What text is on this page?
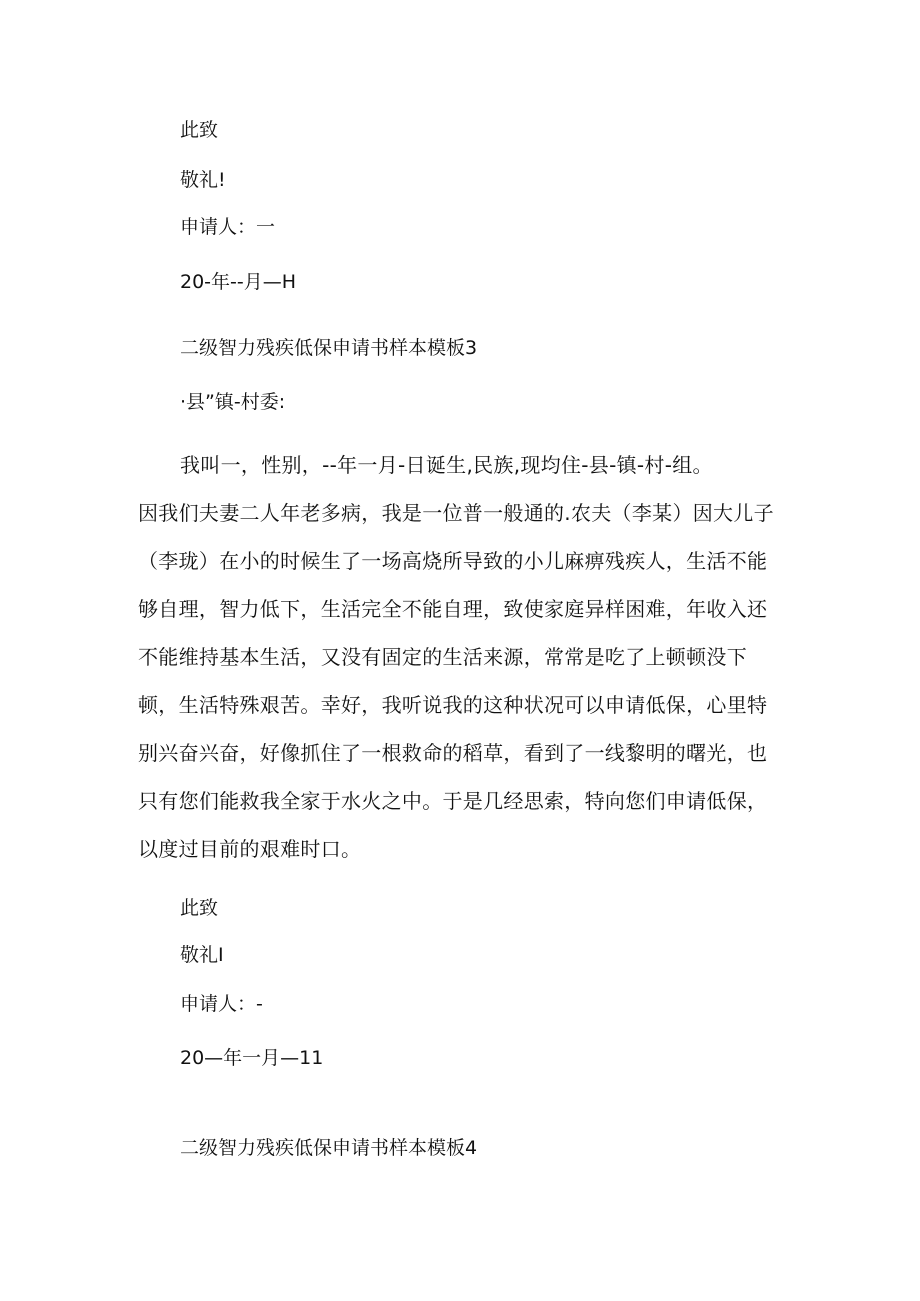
此致

敬礼!

申请人：一

20-年--月—H

二级智力残疾低保申请书样本模板3

·县”镇-村委:

我叫一，性别，--年一月-日诞生,民族,现均住-县-镇-村-组。
因我们夫妻二人年老多病，我是一位普一般通的.农夫（李某）因大儿子（李珑）在小的时候生了一场高烧所导致的小儿麻痹残疾人，生活不能够自理，智力低下，生活完全不能自理，致使家庭异样困难，年收入还不能维持基本生活，又没有固定的生活来源，常常是吃了上顿顿没下顿，生活特殊艰苦。幸好，我听说我的这种状况可以申请低保，心里特别兴奋兴奋，好像抓住了一根救命的稻草，看到了一线黎明的曙光，也只有您们能救我全家于水火之中。于是几经思索，特向您们申请低保，以度过目前的艰难时口。

此致

敬礼I

申请人：-

20—年一月—11

二级智力残疾低保申请书样本模板4
